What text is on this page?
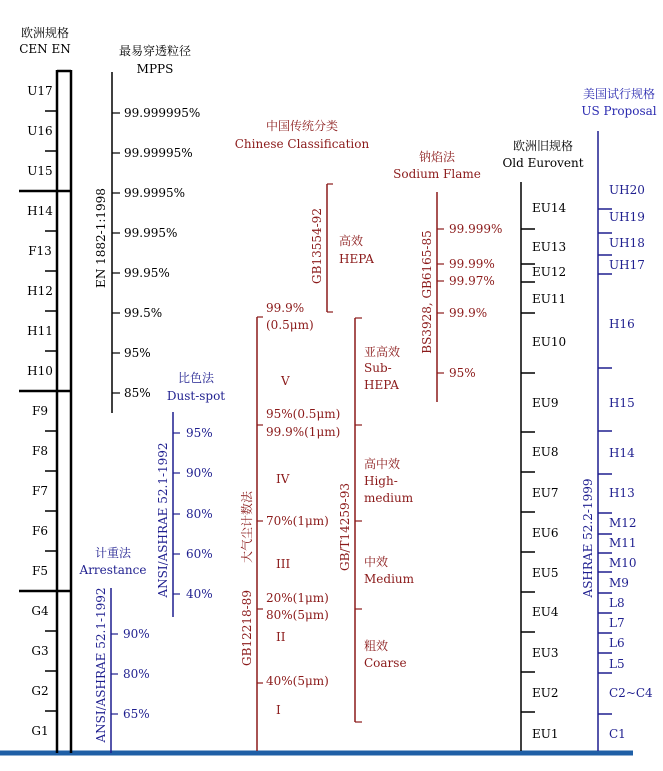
欧洲规格
CEN EN
U17
U16
U15
H14
F13
H12
H11
H10
F9
F8
F7
F6
F5
G4
G3
G2
G1
最易穿透粒径
MPPS
EN 1882-1:1998
99.999995%
99.99995%
99.9995%
99.995%
99.95%
99.5%
95%
85%
比色法
Dust-spot
ANSI/ASHRAE 52.1-1992
95%
90%
80%
60%
40%
计重法
Arrestance
ANSI/ASHRAE 52.1-1992 90%
80%
65%
中国传统分类
Chinese Classification
大气尘计数法
GB12218-89
99.9%
(0.5μm)
V
95%(0.5μm)
99.9%(1μm)
IV
70%(1μm)
III
20%(1μm)
80%(5μm)
II
40%(5μm)
I
GB13554-92 高效
HEPA
GB/T14259-93
亚高效
Sub-
HEPA
高中效
High-
medium
中效
Medium
粗效
Coarse
钠焰法
Sodium Flame
BS3928, GB6165-85
99.999%
99.99%
99.97%
99.9%
95%
欧洲旧规格
Old Eurovent
EU14
EU13
EU12
EU11
EU10
EU9
EU8
EU7
EU6
EU5
EU4
EU3
EU2
EU1
美国试行规格
US Proposal
ASHRAE 52.2-1999
UH20
UH19
UH18
UH17
H16
H15
H14
H13
M12
M11
M10
M9
L8
L7
L6
L5
C2~C4
C1
